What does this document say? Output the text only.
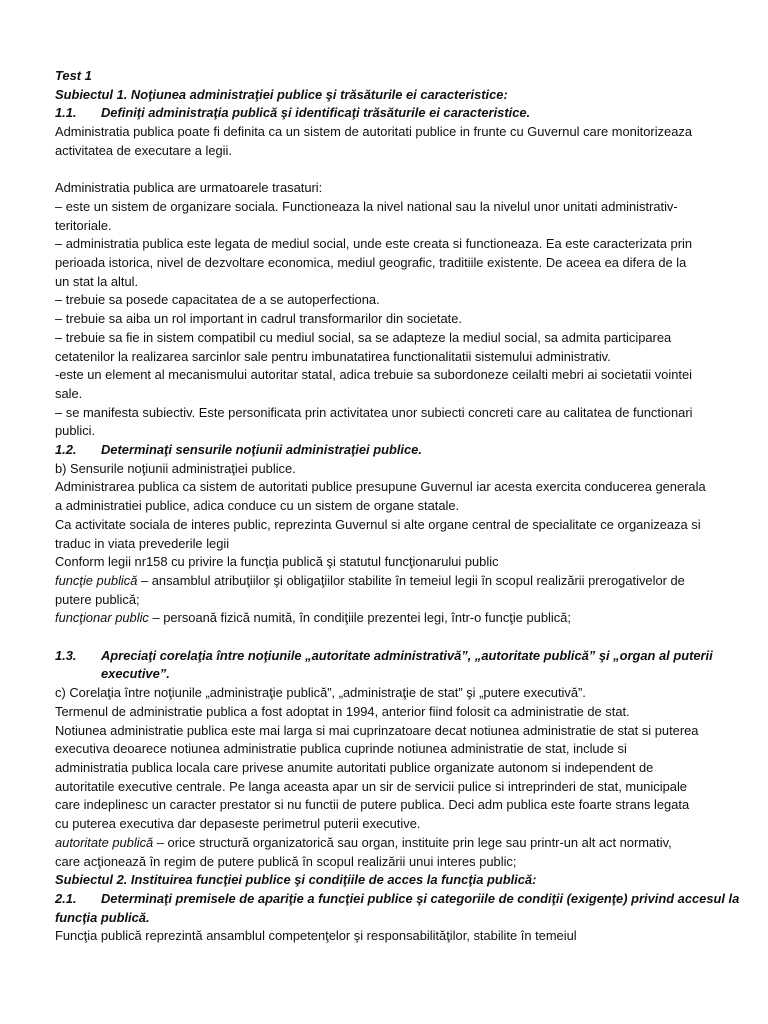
Test 1
Subiectul 1. Noţiunea administraţiei publice şi trăsăturile ei caracteristice:
1.1. Definiţi administraţia publică şi identificaţi trăsăturile ei caracteristice.
Administratia publica poate fi definita ca un sistem de autoritati publice in frunte cu Guvernul care monitorizeaza
activitatea de executare a legii.
Administratia publica are urmatoarele trasaturi:
– este un sistem de organizare sociala. Functioneaza la nivel national sau la nivelul unor unitati administrativ-
teritoriale.
– administratia publica este legata de mediul social, unde este creata si functioneaza. Ea este caracterizata prin
perioada istorica, nivel de dezvoltare economica, mediul geografic, traditiile existente. De aceea ea difera de la
un stat la altul.
– trebuie sa posede capacitatea de a se autoperfectiona.
– trebuie sa aiba un rol important in cadrul transformarilor din societate.
– trebuie sa fie in sistem compatibil cu mediul social, sa se adapteze la mediul social, sa admita participarea
cetatenilor la realizarea sarcinlor sale pentru imbunatatirea functionalitatii sistemului administrativ.
-este un element al mecanismului autoritar statal, adica trebuie sa subordoneze ceilalti mebri ai societatii vointei
sale.
– se manifesta subiectiv. Este personificata prin activitatea unor subiecti concreti care au calitatea de functionari
publici.
1.2. Determinaţi sensurile noţiunii administraţiei publice.
b) Sensurile noţiunii administraţiei publice.
Administrarea publica ca sistem de autoritati publice presupune Guvernul iar acesta exercita conducerea generala
a administratiei publice, adica conduce cu un sistem de organe statale.
Ca activitate sociala de interes public, reprezinta Guvernul si alte organe central de specialitate ce organizeaza si
traduc in viata prevederile legii
Conform legii nr158 cu privire la funcţia publică şi statutul funcţionarului public
funcţie publică – ansamblul atribuţiilor şi obligaţiilor stabilite în temeiul legii în scopul realizării prerogativelor de
putere publică;
funcţionar public – persoană fizică numită, în condiţiile prezentei legi, într-o funcţie publică;
1.3. Apreciaţi corelaţia între noţiunile „autoritate administrativă”, „autoritate publică” şi „organ al puterii
executive”.
c) Corelaţia între noţiunile „administraţie publică”, „administraţie de stat” şi „putere executivă”.
Termenul de administratie publica a fost adoptat in 1994, anterior fiind folosit ca administratie de stat.
Notiunea administratie publica este mai larga si mai cuprinzatoare decat notiunea administratie de stat si puterea
executiva deoarece notiunea administratie publica cuprinde notiunea administratie de stat, include si
administratia publica locala care privese anumite autoritati publice organizate autonom si independent de
autoritatile executive centrale. Pe langa aceasta apar un sir de servicii pulice si intreprinderi de stat, municipale
care indeplinesc un caracter prestator si nu functii de putere publica. Deci adm publica este foarte strans legata
cu puterea executiva dar depaseste perimetrul puterii executive.
autoritate publică – orice structură organizatorică sau organ, instituite prin lege sau printr-un alt act normativ,
care acţionează în regim de putere publică în scopul realizării unui interes public;
Subiectul 2. Instituirea funcţiei publice şi condiţiile de acces la funcţia publică:
2.1. Determinaţi premisele de apariţie a funcţiei publice şi categoriile de condiţii (exigenţe) privind accesul la
funcţia publică.
Funcţia publică reprezintă ansamblul competenţelor şi responsabilităţilor, stabilite în temeiul
